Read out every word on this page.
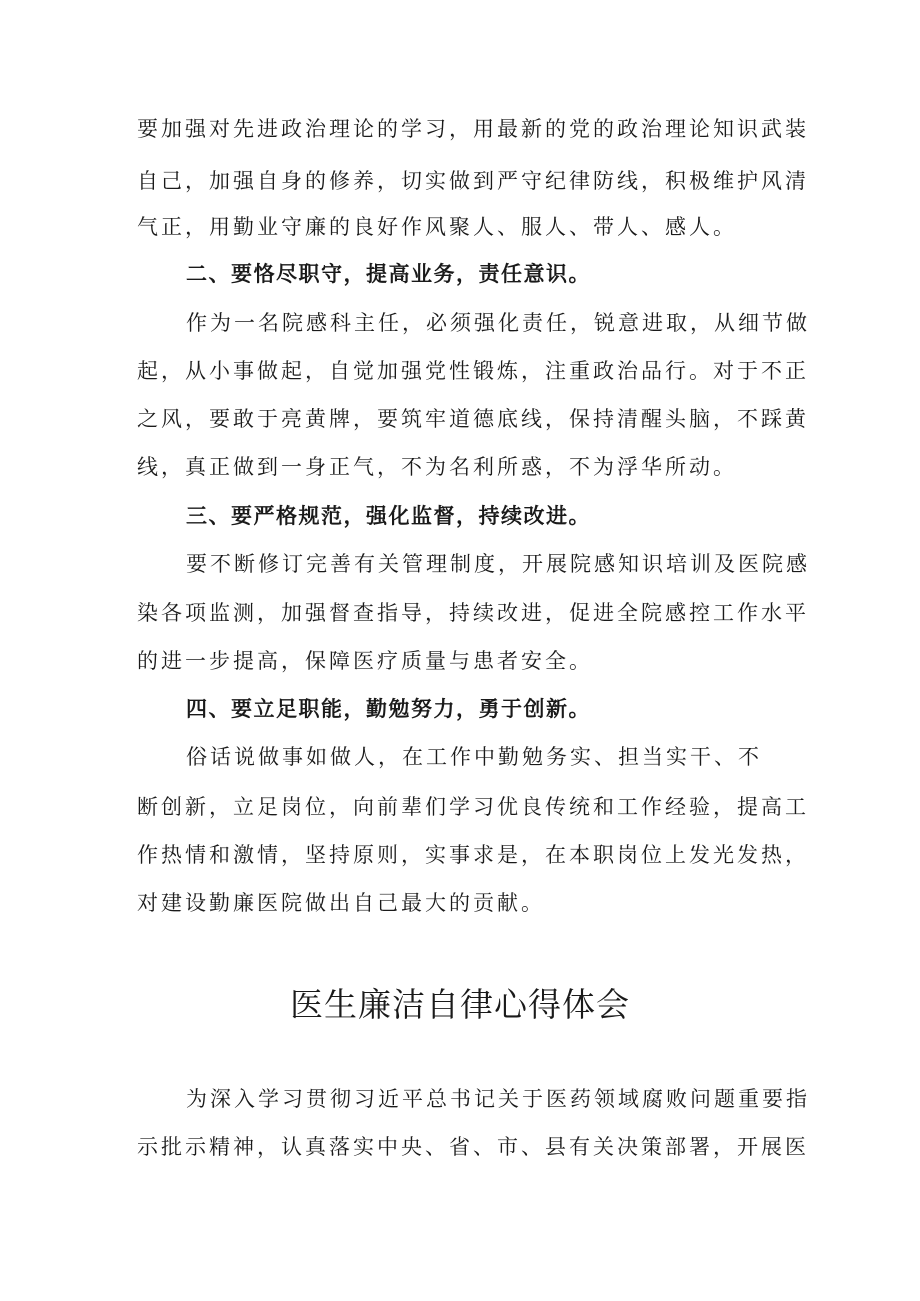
要加强对先进政治理论的学习，用最新的党的政治理论知识武装
自己，加强自身的修养，切实做到严守纪律防线，积极维护风清
气正，用勤业守廉的良好作风聚人、服人、带人、感人。
二、要恪尽职守，提高业务，责任意识。
作为一名院感科主任，必须强化责任，锐意进取，从细节做
起，从小事做起，自觉加强党性锻炼，注重政治品行。对于不正
之风，要敢于亮黄牌，要筑牢道德底线，保持清醒头脑，不踩黄
线，真正做到一身正气，不为名利所惑，不为浮华所动。
三、要严格规范，强化监督，持续改进。
要不断修订完善有关管理制度，开展院感知识培训及医院感
染各项监测，加强督查指导，持续改进，促进全院感控工作水平
的进一步提高，保障医疗质量与患者安全。
四、要立足职能，勤勉努力，勇于创新。
俗话说做事如做人，在工作中勤勉务实、担当实干、不
断创新，立足岗位，向前辈们学习优良传统和工作经验，提高工
作热情和激情，坚持原则，实事求是，在本职岗位上发光发热，
对建设勤廉医院做出自己最大的贡献。
医生廉洁自律心得体会
为深入学习贯彻习近平总书记关于医药领域腐败问题重要指
示批示精神，认真落实中央、省、市、县有关决策部署，开展医
